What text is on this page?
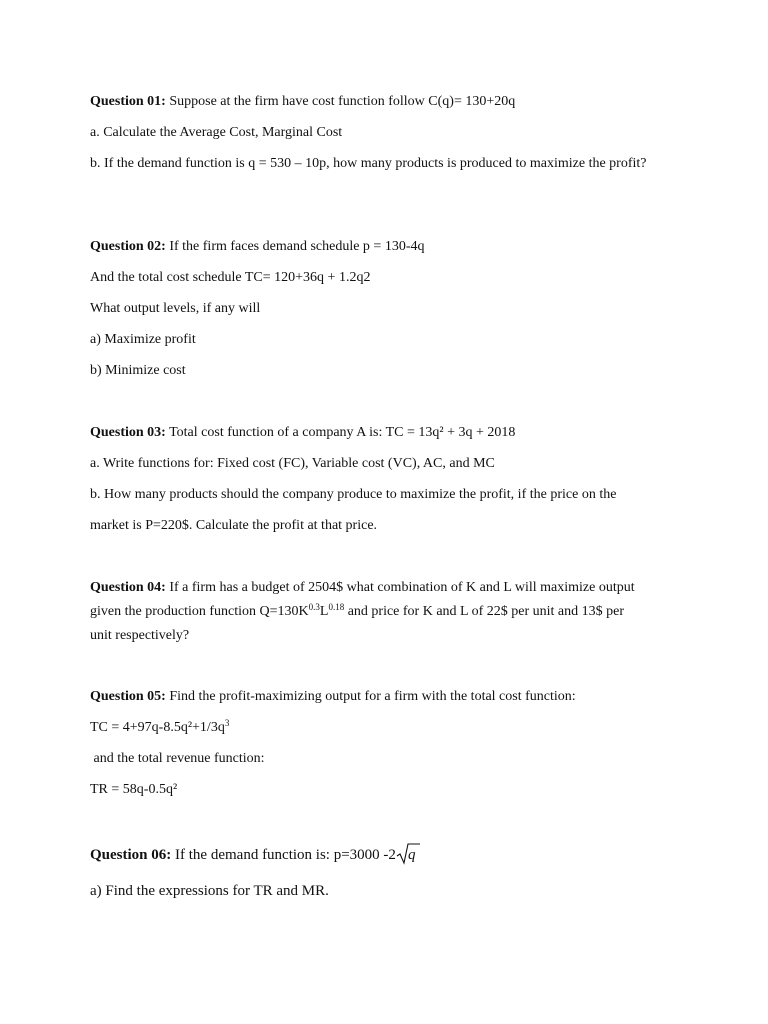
Question 01: Suppose at the firm have cost function follow C(q)= 130+20q
a. Calculate the Average Cost, Marginal Cost
b. If the demand function is q = 530 – 10p, how many products is produced to maximize the profit?
Question 02: If the firm faces demand schedule p = 130-4q
And the total cost schedule TC= 120+36q + 1.2q2
What output levels, if any will
a) Maximize profit
b) Minimize cost
Question 03: Total cost function of a company A is: TC = 13q² + 3q + 2018
a. Write functions for: Fixed cost (FC), Variable cost (VC), AC, and MC
b. How many products should the company produce to maximize the profit, if the price on the
market is P=220$. Calculate the profit at that price.
Question 04: If a firm has a budget of 2504$ what combination of K and L will maximize output
given the production function $Q=130K^{0.3}L^{0.18}$ and price for K and L of 22$ per unit and 13$ per
unit respectively?
Question 05: Find the profit-maximizing output for a firm with the total cost function:
TC = $4+97q-8.5q^2+1/3q^3$
and the total revenue function:
TR = 58q-0.5q²
Question 06: If the demand function is: p=3000 -2 q
a) Find the expressions for TR and MR.
